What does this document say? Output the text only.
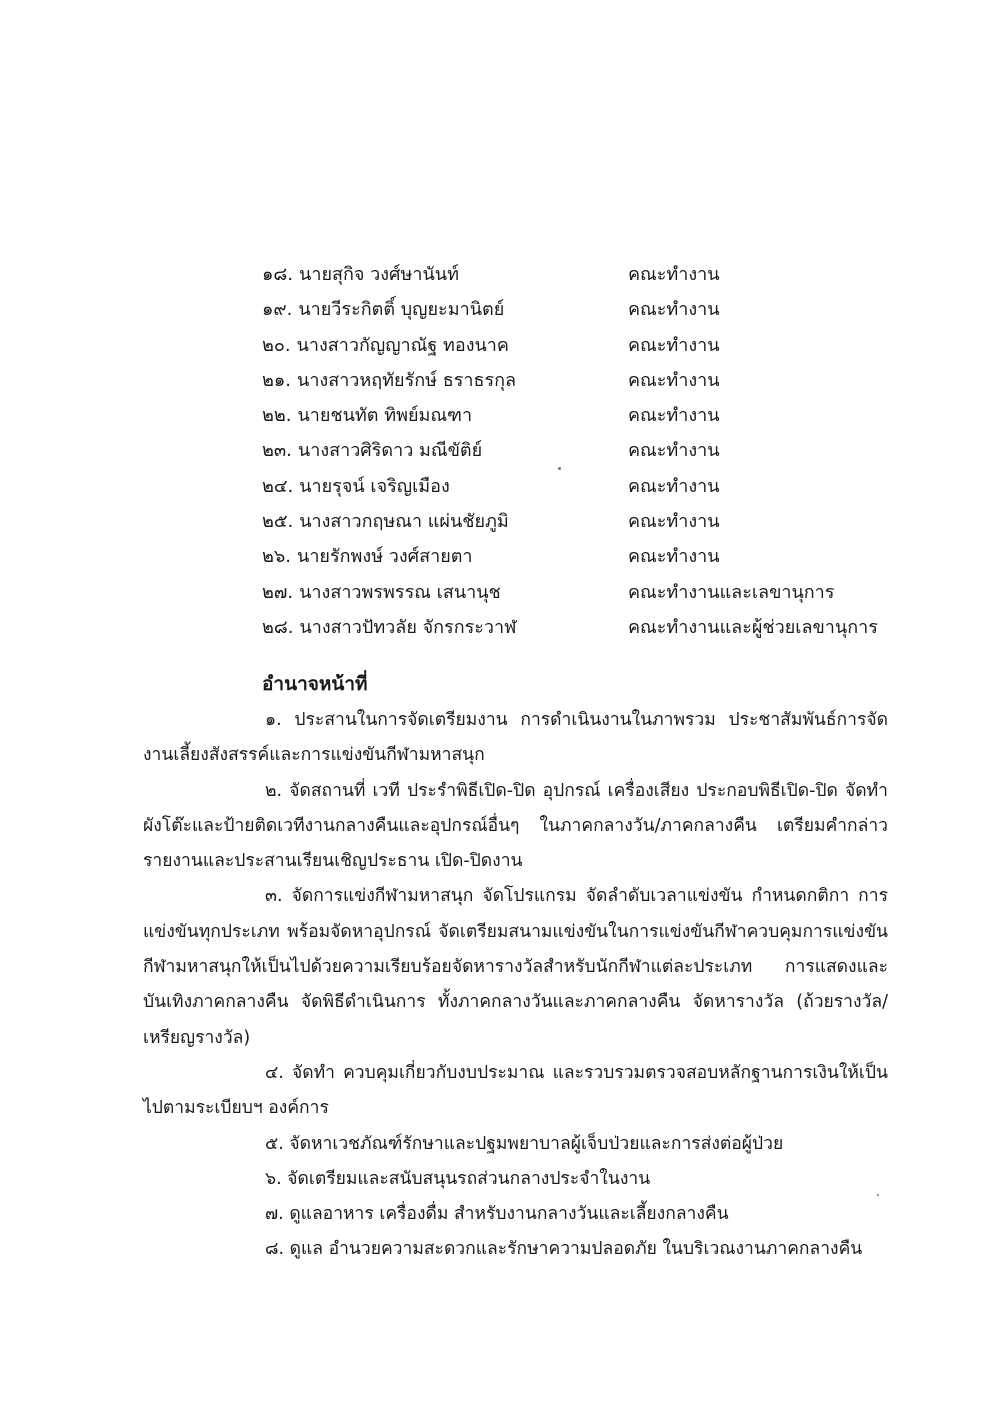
๑๘. นายสุกิจ วงศ์ษานันท์	คณะทำงาน
๑๙. นายวีระกิตติ์ บุญยะมานิตย์	คณะทำงาน
๒๐. นางสาวกัญญาณัฐ ทองนาค	คณะทำงาน
๒๑. นางสาวหฤทัยรักษ์ ธราธรกุล	คณะทำงาน
๒๒. นายชนทัต ทิพย์มณฑา	คณะทำงาน
๒๓. นางสาวศิริดาว มณีขัติย์	คณะทำงาน
๒๔. นายรุจน์ เจริญเมือง	คณะทำงาน
๒๕. นางสาวกฤษณา แผ่นชัยภูมิ	คณะทำงาน
๒๖. นายรักพงษ์ วงศ์สายตา	คณะทำงาน
๒๗. นางสาวพรพรรณ เสนานุช	คณะทำงานและเลขานุการ
๒๘. นางสาวปัทวลัย จักรกระวาฬ	คณะทำงานและผู้ช่วยเลขานุการ
อำนาจหน้าที่

๑. ประสานในการจัดเตรียมงาน การดำเนินงานในภาพรวม ประชาสัมพันธ์การจัดงานเลี้ยงสังสรรค์และการแข่งขันกีฬามหาสนุก

๒. จัดสถานที่ เวที ประรำพิธีเปิด-ปิด อุปกรณ์ เครื่องเสียง ประกอบพิธีเปิด-ปิด จัดทำผังโต๊ะและป้ายติดเวทีงานกลางคืนและอุปกรณ์อื่นๆ ในภาคกลางวัน/ภาคกลางคืน เตรียมคำกล่าวรายงานและประสานเรียนเชิญประธาน เปิด-ปิดงาน

๓. จัดการแข่งกีฬามหาสนุก จัดโปรแกรม จัดลำดับเวลาแข่งขัน กำหนดกติกา การแข่งขันทุกประเภท พร้อมจัดหาอุปกรณ์ จัดเตรียมสนามแข่งขันในการแข่งขันกีฬาควบคุมการแข่งขันกีฬามหาสนุกให้เป็นไปด้วยความเรียบร้อยจัดหารางวัลสำหรับนักกีฬาแต่ละประเภท การแสดงและบันเทิงภาคกลางคืน จัดพิธีดำเนินการ ทั้งภาคกลางวันและภาคกลางคืน จัดหารางวัล (ถ้วยรางวัล/เหรียญรางวัล)

๔. จัดทำ ควบคุมเกี่ยวกับงบประมาณ และรวบรวมตรวจสอบหลักฐานการเงินให้เป็นไปตามระเบียบฯ องค์การ

๕. จัดหาเวชภัณฑ์รักษาและปฐมพยาบาลผู้เจ็บป่วยและการส่งต่อผู้ป่วย

๖. จัดเตรียมและสนับสนุนรถส่วนกลางประจำในงาน

๗. ดูแลอาหาร เครื่องดื่ม สำหรับงานกลางวันและเลี้ยงกลางคืน

๘. ดูแล อำนวยความสะดวกและรักษาความปลอดภัย ในบริเวณงานภาคกลางคืน
